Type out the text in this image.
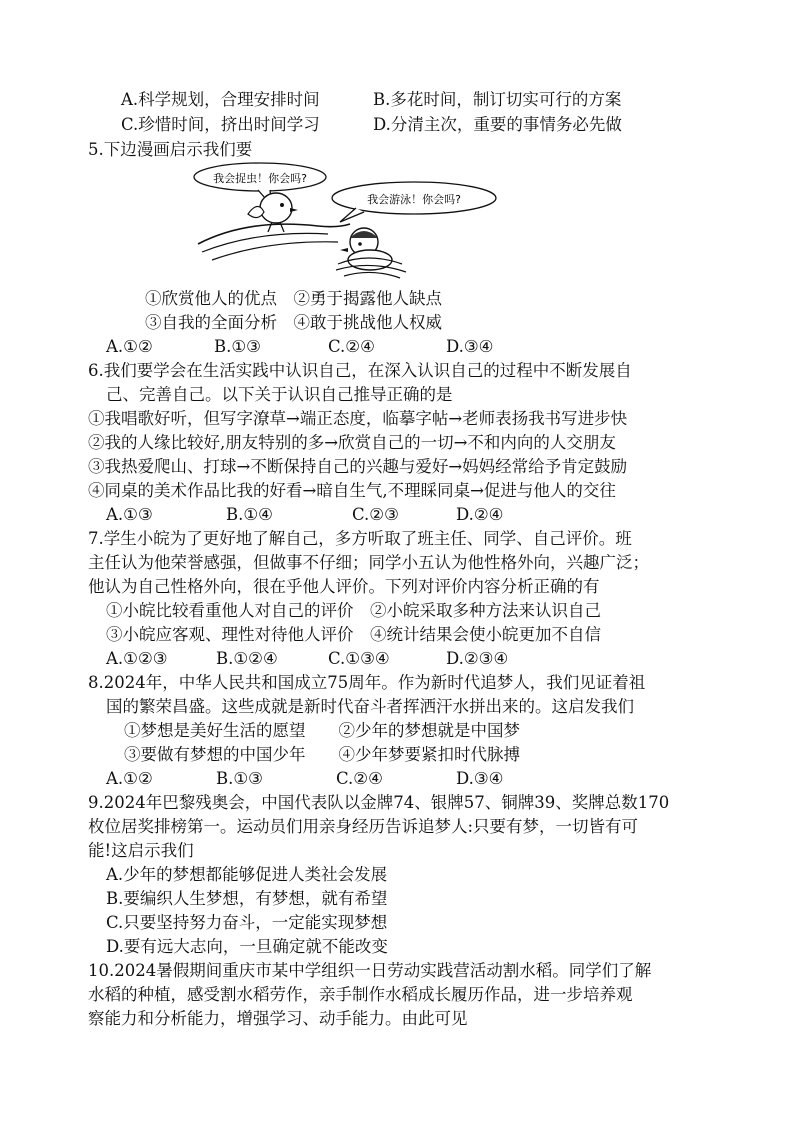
A.科学规划，合理安排时间	B.多花时间，制订切实可行的方案
C.珍惜时间，挤出时间学习	D.分清主次，重要的事情务必先做
5.下边漫画启示我们要
我会捉虫！你会吗?
我会游泳！你会吗?
①欣赏他人的优点　②勇于揭露他人缺点
③自我的全面分析　④敢于挑战他人权威
A.①②	B.①③	C.②④	D.③④
6.我们要学会在生活实践中认识自己，在深入认识自己的过程中不断发展自
己、完善自己。以下关于认识自己推导正确的是
①我唱歌好听，但写字潦草→端正态度，临摹字帖→老师表扬我书写进步快
②我的人缘比较好,朋友特别的多→欣赏自己的一切→不和内向的人交朋友
③我热爱爬山、打球→不断保持自己的兴趣与爱好→妈妈经常给予肯定鼓励
④同桌的美术作品比我的好看→暗自生气,不理睬同桌→促进与他人的交往
A.①③	B.①④	C.②③	D.②④
7.学生小皖为了更好地了解自己，多方听取了班主任、同学、自己评价。班
主任认为他荣誉感强，但做事不仔细；同学小五认为他性格外向，兴趣广泛；
他认为自己性格外向，很在乎他人评价。下列对评价内容分析正确的有
①小皖比较看重他人对自己的评价　②小皖采取多种方法来认识自己
③小皖应客观、理性对待他人评价　④统计结果会使小皖更加不自信
A.①②③	B.①②④	C.①③④	D.②③④
8.2024年，中华人民共和国成立75周年。作为新时代追梦人，我们见证着祖
国的繁荣昌盛。这些成就是新时代奋斗者挥洒汗水拼出来的。这启发我们
①梦想是美好生活的愿望　　②少年的梦想就是中国梦
③要做有梦想的中国少年　　④少年梦要紧扣时代脉搏
A.①②	B.①③	C.②④	D.③④
9.2024年巴黎残奥会，中国代表队以金牌74、银牌57、铜牌39、奖牌总数170
枚位居奖排榜第一。运动员们用亲身经历告诉追梦人:只要有梦，一切皆有可
能!这启示我们
A.少年的梦想都能够促进人类社会发展
B.要编织人生梦想，有梦想，就有希望
C.只要坚持努力奋斗，一定能实现梦想
D.要有远大志向，一旦确定就不能改变
10.2024暑假期间重庆市某中学组织一日劳动实践营活动割水稻。同学们了解
水稻的种植，感受割水稻劳作，亲手制作水稻成长履历作品，进一步培养观
察能力和分析能力，增强学习、动手能力。由此可见
